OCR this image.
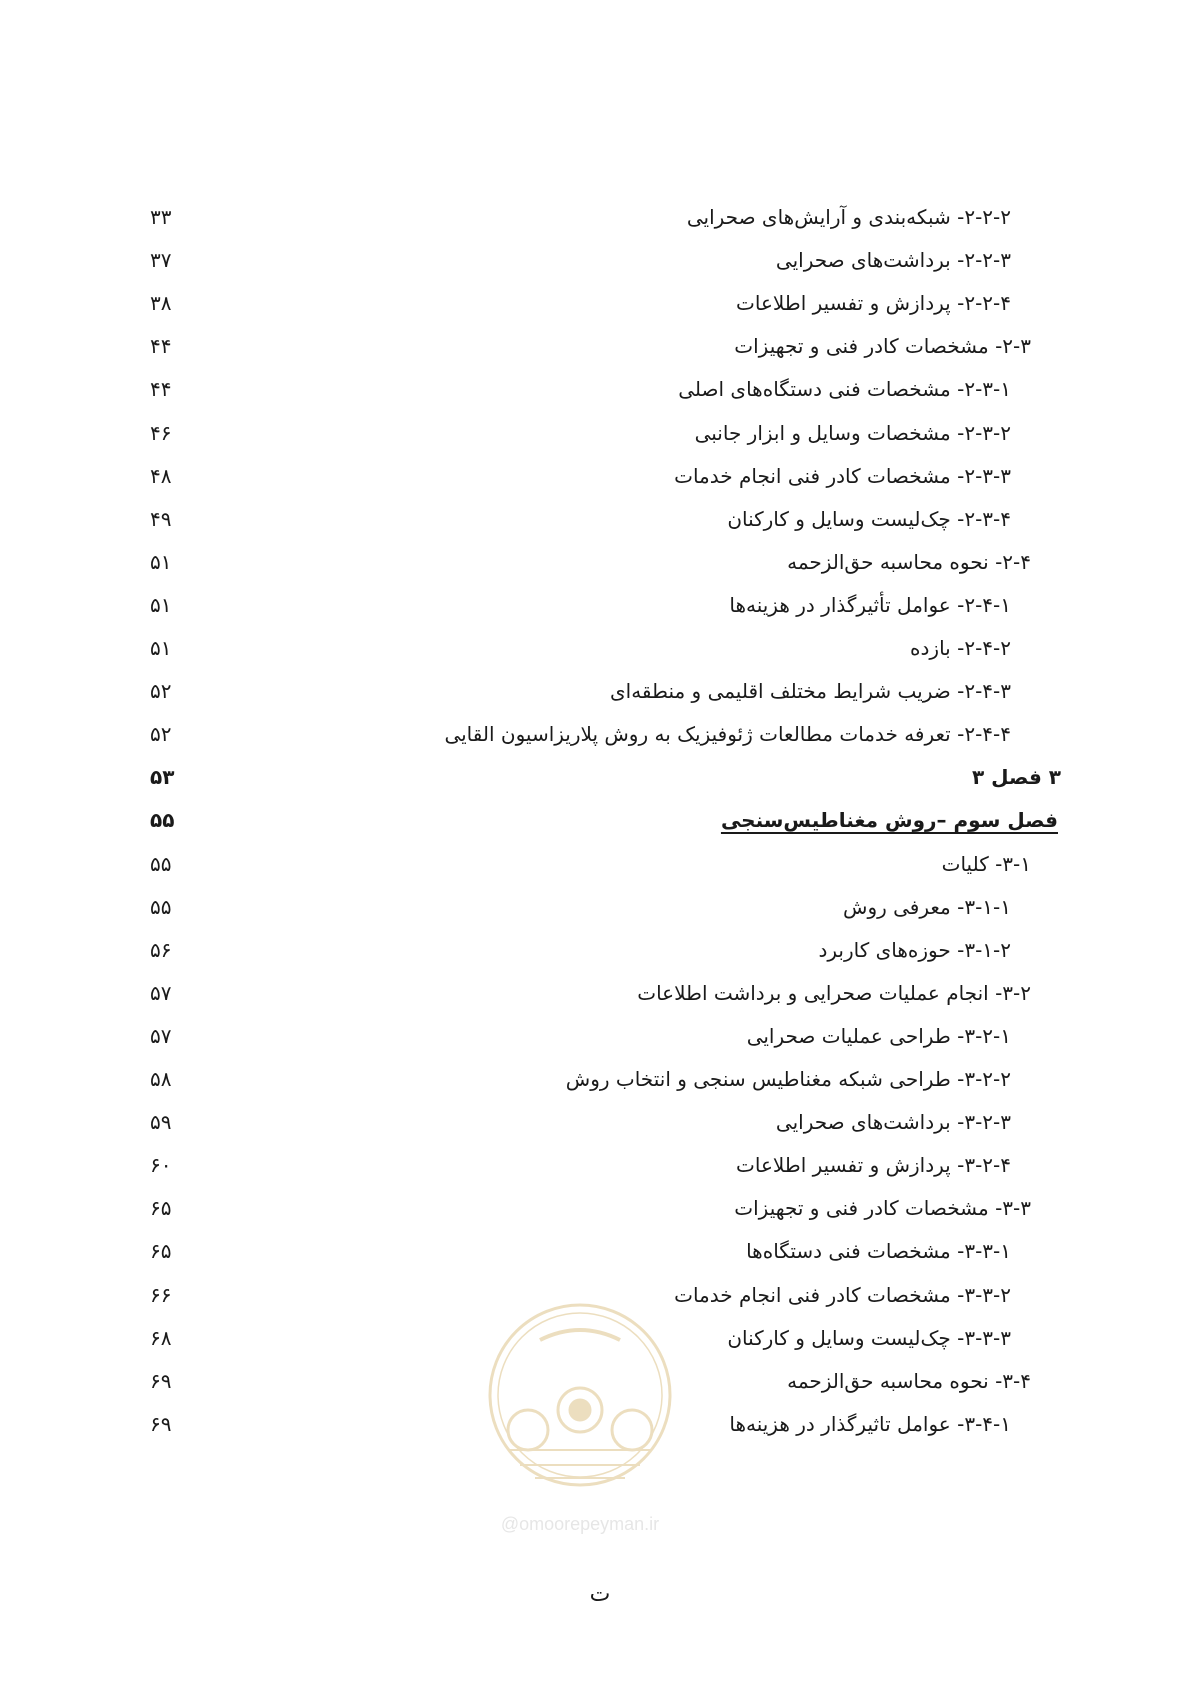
۲-۲-۲- شبکه‌بندی و آرایش‌های صحرایی
۳۳
۲-۲-۳- برداشت‌های صحرایی
۳۷
۲-۲-۴- پردازش و تفسیر اطلاعات
۳۸
۲-۳- مشخصات کادر فنی و تجهیزات
۴۴
۲-۳-۱- مشخصات فنی دستگاه‌های اصلی
۴۴
۲-۳-۲- مشخصات وسایل و ابزار جانبی
۴۶
۲-۳-۳- مشخصات کادر فنی انجام خدمات
۴۸
۲-۳-۴- چک‌لیست وسایل و کارکنان
۴۹
۲-۴- نحوه محاسبه حق‌الزحمه
۵۱
۲-۴-۱- عوامل تأثیرگذار در هزینه‌ها
۵۱
۲-۴-۲- بازده
۵۱
۲-۴-۳- ضریب شرایط مختلف اقلیمی و منطقه‌ای
۵۲
۲-۴-۴- تعرفه خدمات مطالعات ژئوفیزیک به روش پلاریزاسیون القایی
۵۲
۳ فصل ۳
۵۳
فصل سوم –روش مغناطیس‌سنجی
۵۵
۳-۱- کلیات
۵۵
۳-۱-۱- معرفی روش
۵۵
۳-۱-۲- حوزه‌های کاربرد
۵۶
۳-۲- انجام عملیات صحرایی و برداشت اطلاعات
۵۷
۳-۲-۱- طراحی عملیات صحرایی
۵۷
۳-۲-۲- طراحی شبکه مغناطیس سنجی و انتخاب روش
۵۸
۳-۲-۳- برداشت‌های صحرایی
۵۹
۳-۲-۴- پردازش و تفسیر اطلاعات
۶۰
۳-۳- مشخصات کادر فنی و تجهیزات
۶۵
۳-۳-۱- مشخصات فنی دستگاه‌ها
۶۵
۳-۳-۲- مشخصات کادر فنی انجام خدمات
۶۶
۳-۳-۳- چک‌لیست وسایل و کارکنان
۶۸
۳-۴- نحوه محاسبه حق‌الزحمه
۶۹
۳-۴-۱- عوامل تاثیرگذار در هزینه‌ها
۶۹
@omoorepeyman.ir
ت
